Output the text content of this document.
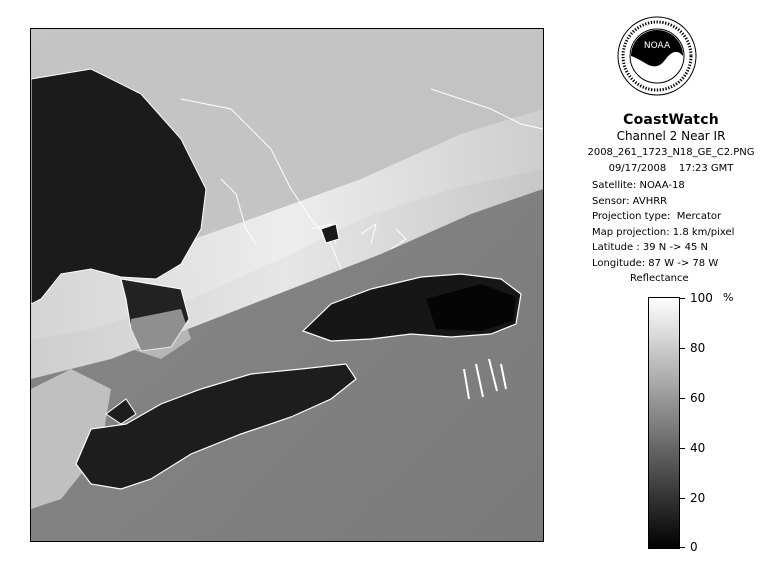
NOAA
CoastWatch
Channel 2 Near IR
2008_261_1723_N18_GE_C2.PNG
09/17/2008    17:23 GMT
Satellite: NOAA-18
Sensor: AVHRR
Projection type:  Mercator
Map projection: 1.8 km/pixel
Latitude : 39 N -> 45 N
Longitude: 87 W -> 78 W
Reflectance
%
100
80
60
40
20
0
